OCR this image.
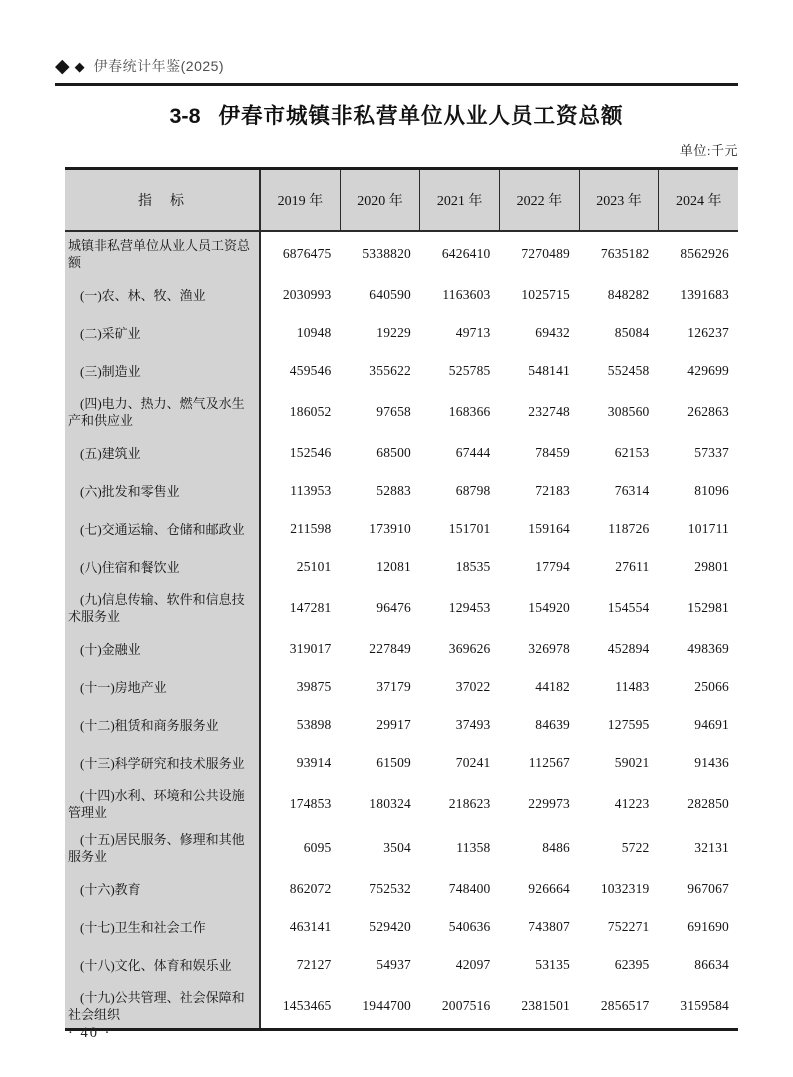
◆ ◆ 伊春统计年鉴(2025)
3-8 伊春市城镇非私营单位从业人员工资总额
单位:千元
指　标	2019 年	2020 年	2021 年	2022 年	2023 年	2024 年
城镇非私营单位从业人员工资总额
6876475	5338820	6426410	7270489	7635182	8562926
(一)农、林、牧、渔业	2030993	640590	1163603	1025715	848282	1391683
(二)采矿业	10948	19229	49713	69432	85084	126237
(三)制造业	459546	355622	525785	548141	552458	429699
(四)电力、热力、燃气及水生产和供应业
186052	97658	168366	232748	308560	262863
(五)建筑业	152546	68500	67444	78459	62153	57337
(六)批发和零售业	113953	52883	68798	72183	76314	81096
(七)交通运输、仓储和邮政业	211598	173910	151701	159164	118726	101711
(八)住宿和餐饮业	25101	12081	18535	17794	27611	29801
(九)信息传输、软件和信息技术服务业
147281	96476	129453	154920	154554	152981
(十)金融业	319017	227849	369626	326978	452894	498369
(十一)房地产业	39875	37179	37022	44182	11483	25066
(十二)租赁和商务服务业	53898	29917	37493	84639	127595	94691
(十三)科学研究和技术服务业	93914	61509	70241	112567	59021	91436
(十四)水利、环境和公共设施管理业
174853	180324	218623	229973	41223	282850
(十五)居民服务、修理和其他服务业
6095	3504	11358	8486	5722	32131
(十六)教育	862072	752532	748400	926664	1032319	967067
(十七)卫生和社会工作	463141	529420	540636	743807	752271	691690
(十八)文化、体育和娱乐业	72127	54937	42097	53135	62395	86634
(十九)公共管理、社会保障和社会组织
1453465	1944700	2007516	2381501	2856517	3159584
· 40 ·
